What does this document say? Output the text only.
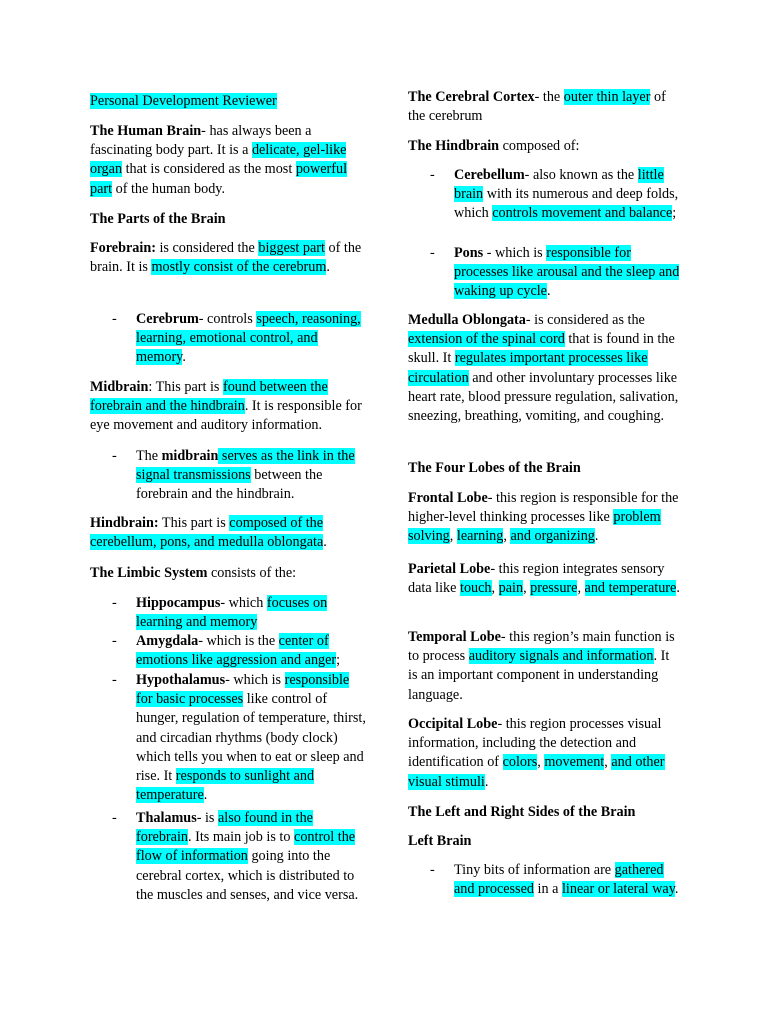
Personal Development Reviewer

The Human Brain- has always been a fascinating body part. It is a delicate, gel-like organ that is considered as the most powerful part of the human body.

The Parts of the Brain

Forebrain: is considered the biggest part of the brain. It is mostly consist of the cerebrum.

- Cerebrum- controls speech, reasoning, learning, emotional control, and memory.

Midbrain: This part is found between the forebrain and the hindbrain. It is responsible for eye movement and auditory information.

- The midbrain serves as the link in the signal transmissions between the forebrain and the hindbrain.

Hindbrain: This part is composed of the cerebellum, pons, and medulla oblongata.

The Limbic System consists of the:

- Hippocampus- which focuses on learning and memory

- Amygdala- which is the center of emotions like aggression and anger;

- Hypothalamus- which is responsible for basic processes like control of hunger, regulation of temperature, thirst, and circadian rhythms (body clock) which tells you when to eat or sleep and rise. It responds to sunlight and temperature.

- Thalamus- is also found in the forebrain. Its main job is to control the flow of information going into the cerebral cortex, which is distributed to the muscles and senses, and vice versa.

The Cerebral Cortex- the outer thin layer of the cerebrum

The Hindbrain composed of:

- Cerebellum- also known as the little brain with its numerous and deep folds, which controls movement and balance;

- Pons - which is responsible for processes like arousal and the sleep and waking up cycle.

Medulla Oblongata- is considered as the extension of the spinal cord that is found in the skull. It regulates important processes like circulation and other involuntary processes like heart rate, blood pressure regulation, salivation, sneezing, breathing, vomiting, and coughing.

The Four Lobes of the Brain

Frontal Lobe- this region is responsible for the higher-level thinking processes like problem solving, learning, and organizing.

Parietal Lobe- this region integrates sensory data like touch, pain, pressure, and temperature.

Temporal Lobe- this region’s main function is to process auditory signals and information. It is an important component in understanding language.

Occipital Lobe- this region processes visual information, including the detection and identification of colors, movement, and other visual stimuli.

The Left and Right Sides of the Brain

Left Brain

- Tiny bits of information are gathered and processed in a linear or lateral way.
